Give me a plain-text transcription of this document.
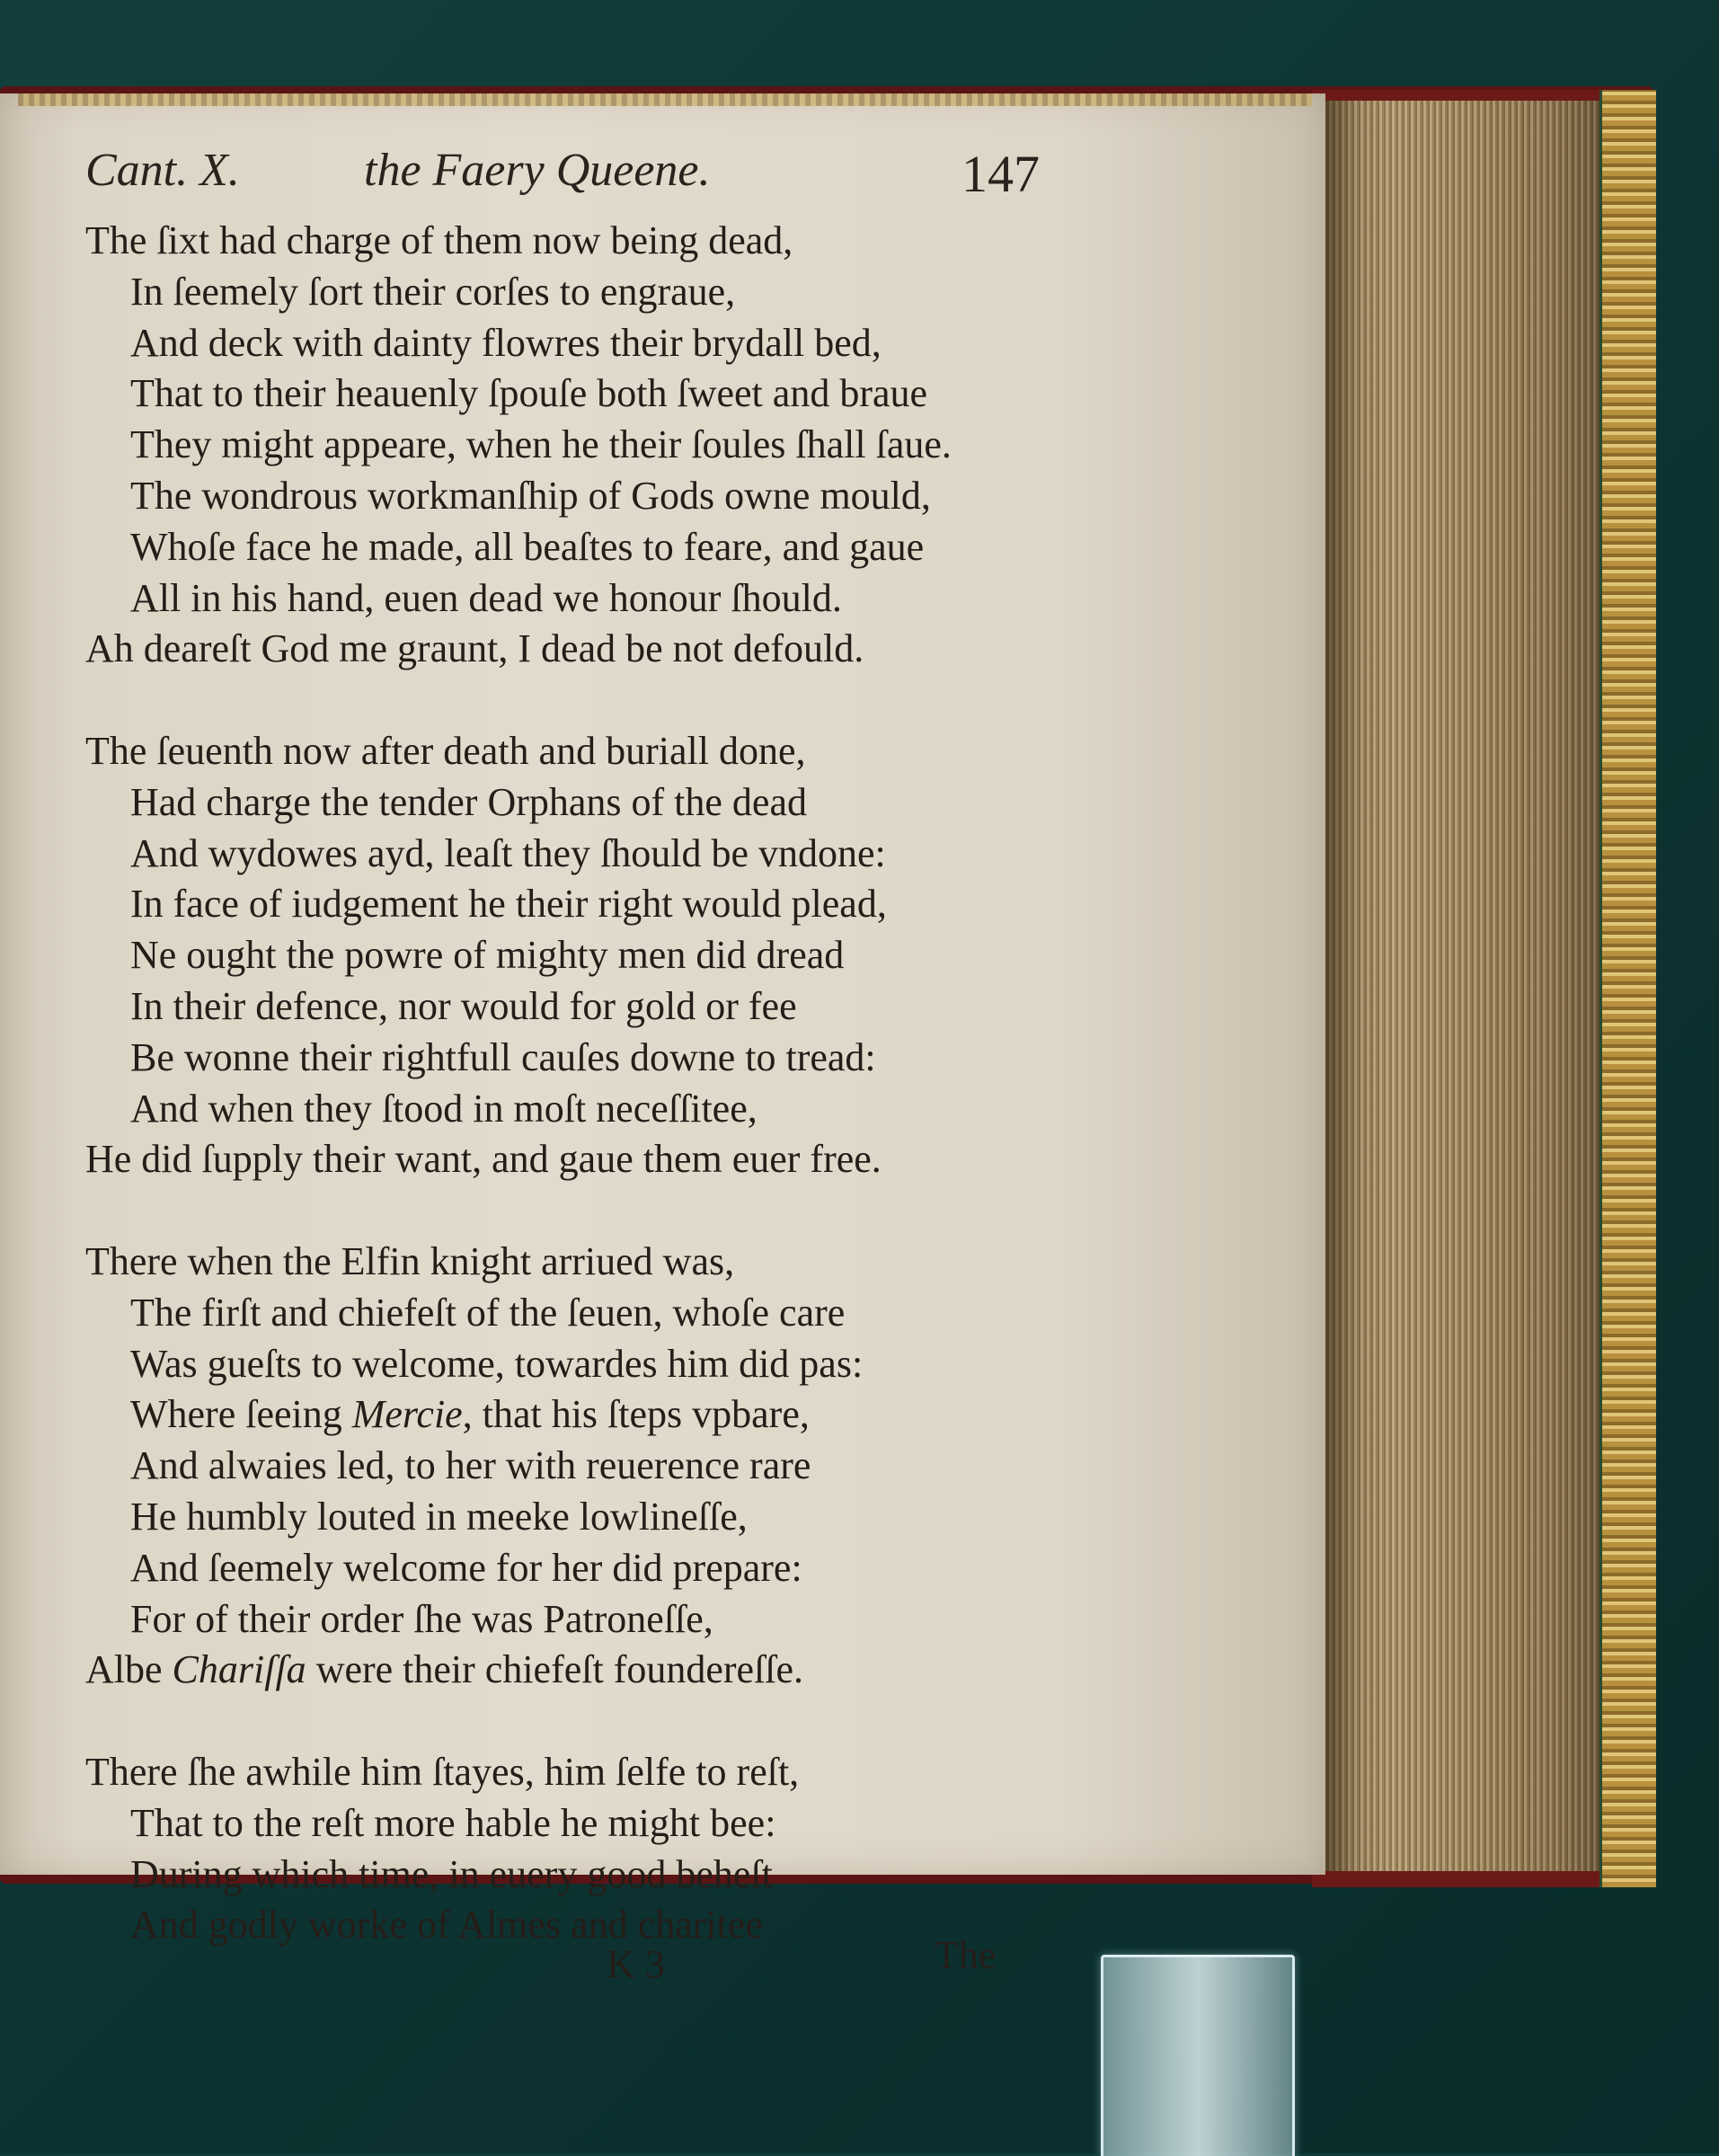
Cant. X.	the Faery Queene.	147
The ſixt had charge of them now being dead,
In ſeemely ſort their corſes to engraue,
And deck with dainty flowres their brydall bed,
That to their heauenly ſpouſe both ſweet and braue
They might appeare, when he their ſoules ſhall ſaue.
The wondrous workmanſhip of Gods owne mould,
Whoſe face he made, all beaſtes to feare, and gaue
All in his hand, euen dead we honour ſhould.
Ah deareſt God me graunt, I dead be not defould.
The ſeuenth now after death and buriall done,
Had charge the tender Orphans of the dead
And wydowes ayd, leaſt they ſhould be vndone:
In face of iudgement he their right would plead,
Ne ought the powre of mighty men did dread
In their defence, nor would for gold or fee
Be wonne their rightfull cauſes downe to tread:
And when they ſtood in moſt neceſſitee,
He did ſupply their want, and gaue them euer free.
There when the Elfin knight arriued was,
The firſt and chiefeſt of the ſeuen, whoſe care
Was gueſts to welcome, towardes him did pas:
Where ſeeing Mercie, that his ſteps vpbare,
And alwaies led, to her with reuerence rare
He humbly louted in meeke lowlineſſe,
And ſeemely welcome for her did prepare:
For of their order ſhe was Patroneſſe,
Albe Chariſſa were their chiefeſt foundereſſe.
There ſhe awhile him ſtayes, him ſelfe to reſt,
That to the reſt more hable he might bee:
During which time, in euery good beheſt
And godly worke of Almes and charitee
K 3	The
